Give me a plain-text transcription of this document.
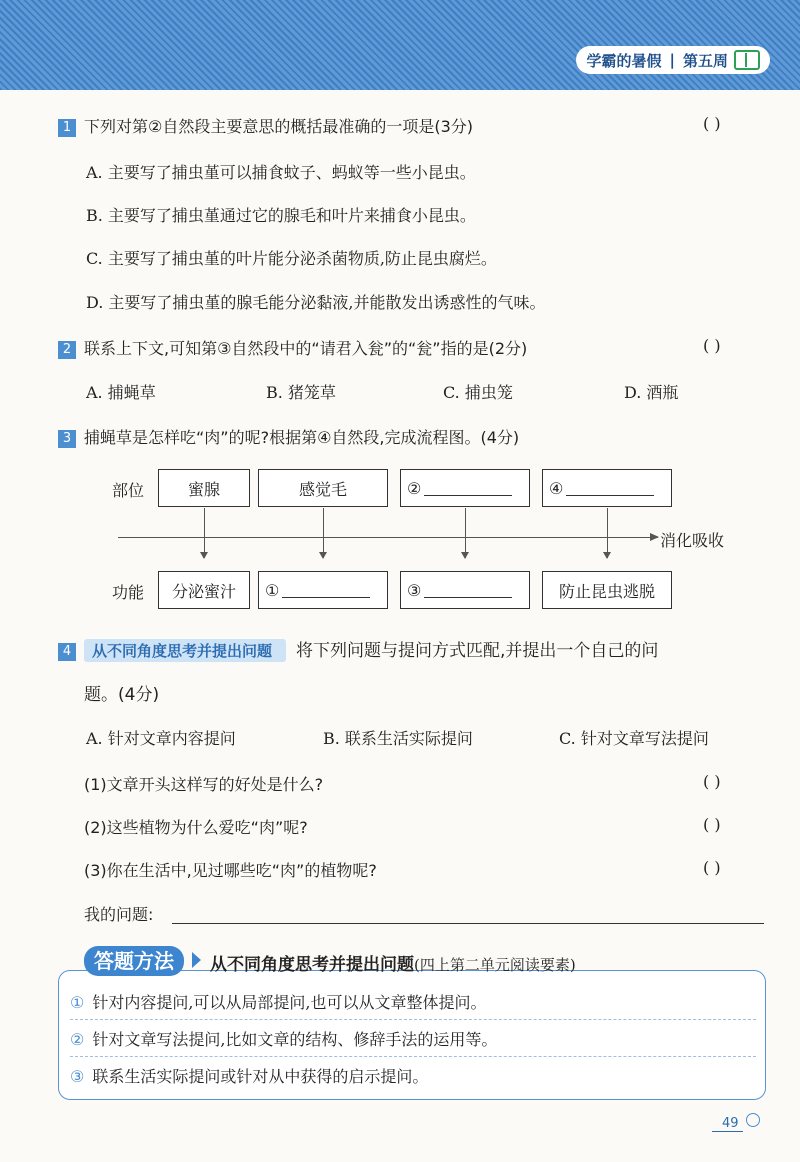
学霸的暑假 | 第五周
1 下列对第②自然段主要意思的概括最准确的一项是(3分)	( )
A. 主要写了捕虫堇可以捕食蚊子、蚂蚁等一些小昆虫。
B. 主要写了捕虫堇通过它的腺毛和叶片来捕食小昆虫。
C. 主要写了捕虫堇的叶片能分泌杀菌物质,防止昆虫腐烂。
D. 主要写了捕虫堇的腺毛能分泌黏液,并能散发出诱惑性的气味。
2 联系上下文,可知第③自然段中的“请君入瓮”的“瓮”指的是(2分)	( )
A. 捕蝇草	B. 猪笼草	C. 捕虫笼	D. 酒瓶
3 捕蝇草是怎样吃“肉”的呢?根据第④自然段,完成流程图。(4分)
部位	蜜腺	感觉毛	②	④
消化吸收
功能	分泌蜜汁	①	③	防止昆虫逃脱
4 从不同角度思考并提出问题 将下列问题与提问方式匹配,并提出一个自己的问
题。(4分)
A. 针对文章内容提问	B. 联系生活实际提问	C. 针对文章写法提问
(1)文章开头这样写的好处是什么?	( )
(2)这些植物为什么爱吃“肉”呢?	( )
(3)你在生活中,见过哪些吃“肉”的植物呢?	( )
我的问题:
答题方法	从不同角度思考并提出问题(四上第二单元阅读要素)
① 针对内容提问,可以从局部提问,也可以从文章整体提问。
② 针对文章写法提问,比如文章的结构、修辞手法的运用等。
③ 联系生活实际提问或针对从中获得的启示提问。
49
